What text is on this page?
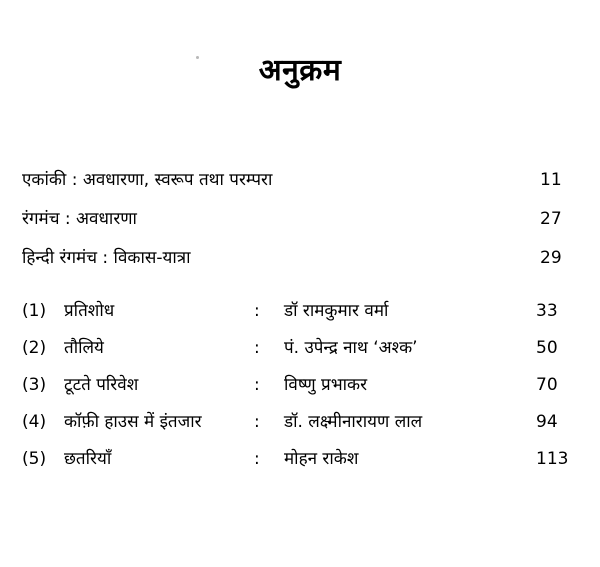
अनुक्रम
एकांकी : अवधारणा, स्वरूप तथा परम्परा	11
रंगमंच : अवधारणा	27
हिन्दी रंगमंच : विकास-यात्रा	29
(1)	प्रतिशोध	:	डॉ रामकुमार वर्मा	33
(2)	तौलिये	:	पं. उपेन्द्र नाथ ‘अश्क’	50
(3)	टूटते परिवेश	:	विष्णु प्रभाकर	70
(4)	कॉफ़ी हाउस में इंतजार	:	डॉ. लक्ष्मीनारायण लाल	94
(5)	छतरियाँ	:	मोहन राकेश	113
